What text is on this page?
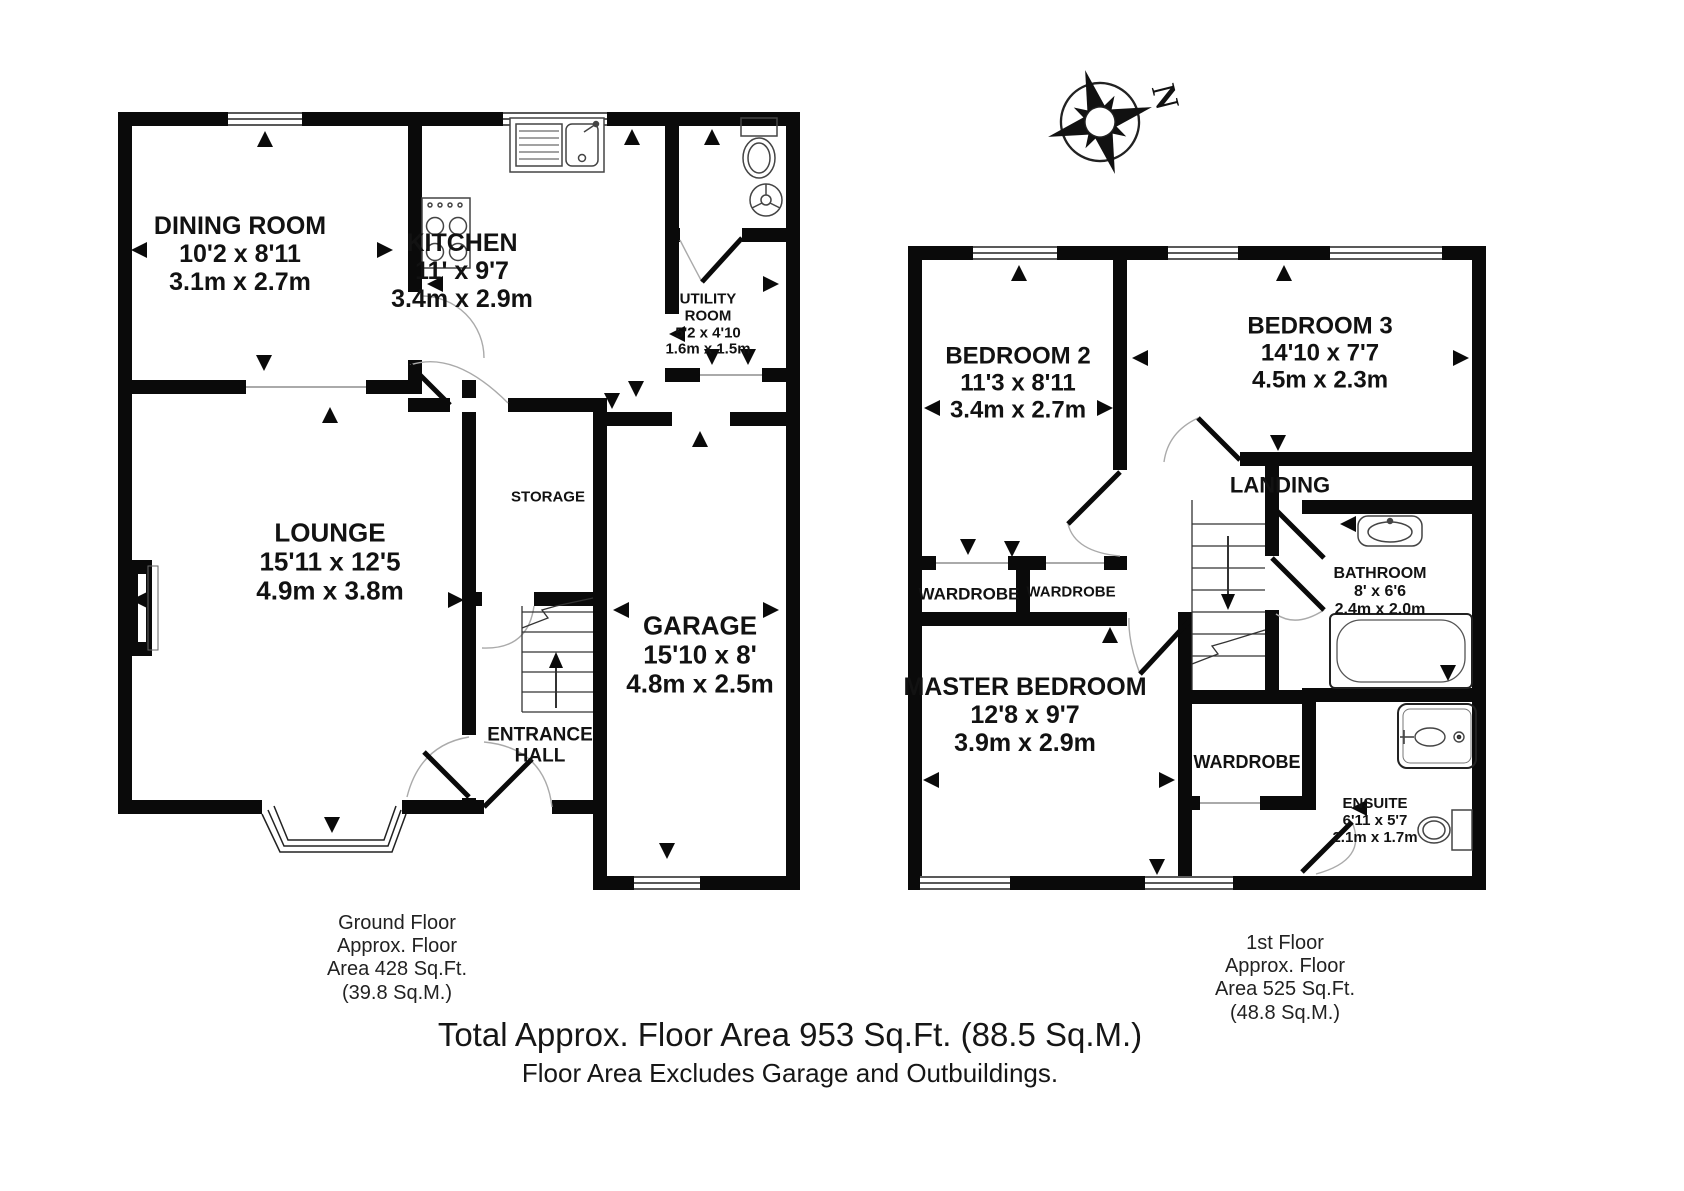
DINING ROOM
10'2 x 8'11
3.1m x 2.7m
KITCHEN
11' x 9'7
3.4m x 2.9m	UTILITY ROOM
5'2 x 4'10
1.6m x 1.5m
LOUNGE
15'11 x 12'5
4.9m x 3.8m
STORAGE
ENTRANCE HALL
GARAGE
15'10 x 8'
4.8m x 2.5m
BEDROOM 2
11'3 x 8'11
3.4m x 2.7m
BEDROOM 3
14'10 x 7'7
4.5m x 2.3m
LANDING
WARDROBE WARDROBE
WARDROBE
MASTER BEDROOM
12'8 x 9'7
3.9m x 2.9m
BATHROOM
8' x 6'6
2.4m x 2.0m
ENSUITE
6'11 x 5'7
2.1m x 1.7m
Ground Floor
Approx. Floor
Area 428 Sq.Ft.
(39.8 Sq.M.)
1st Floor
Approx. Floor
Area 525 Sq.Ft.
(48.8 Sq.M.)
Total Approx. Floor Area 953 Sq.Ft. (88.5 Sq.M.)
Floor Area Excludes Garage and Outbuildings.
N
